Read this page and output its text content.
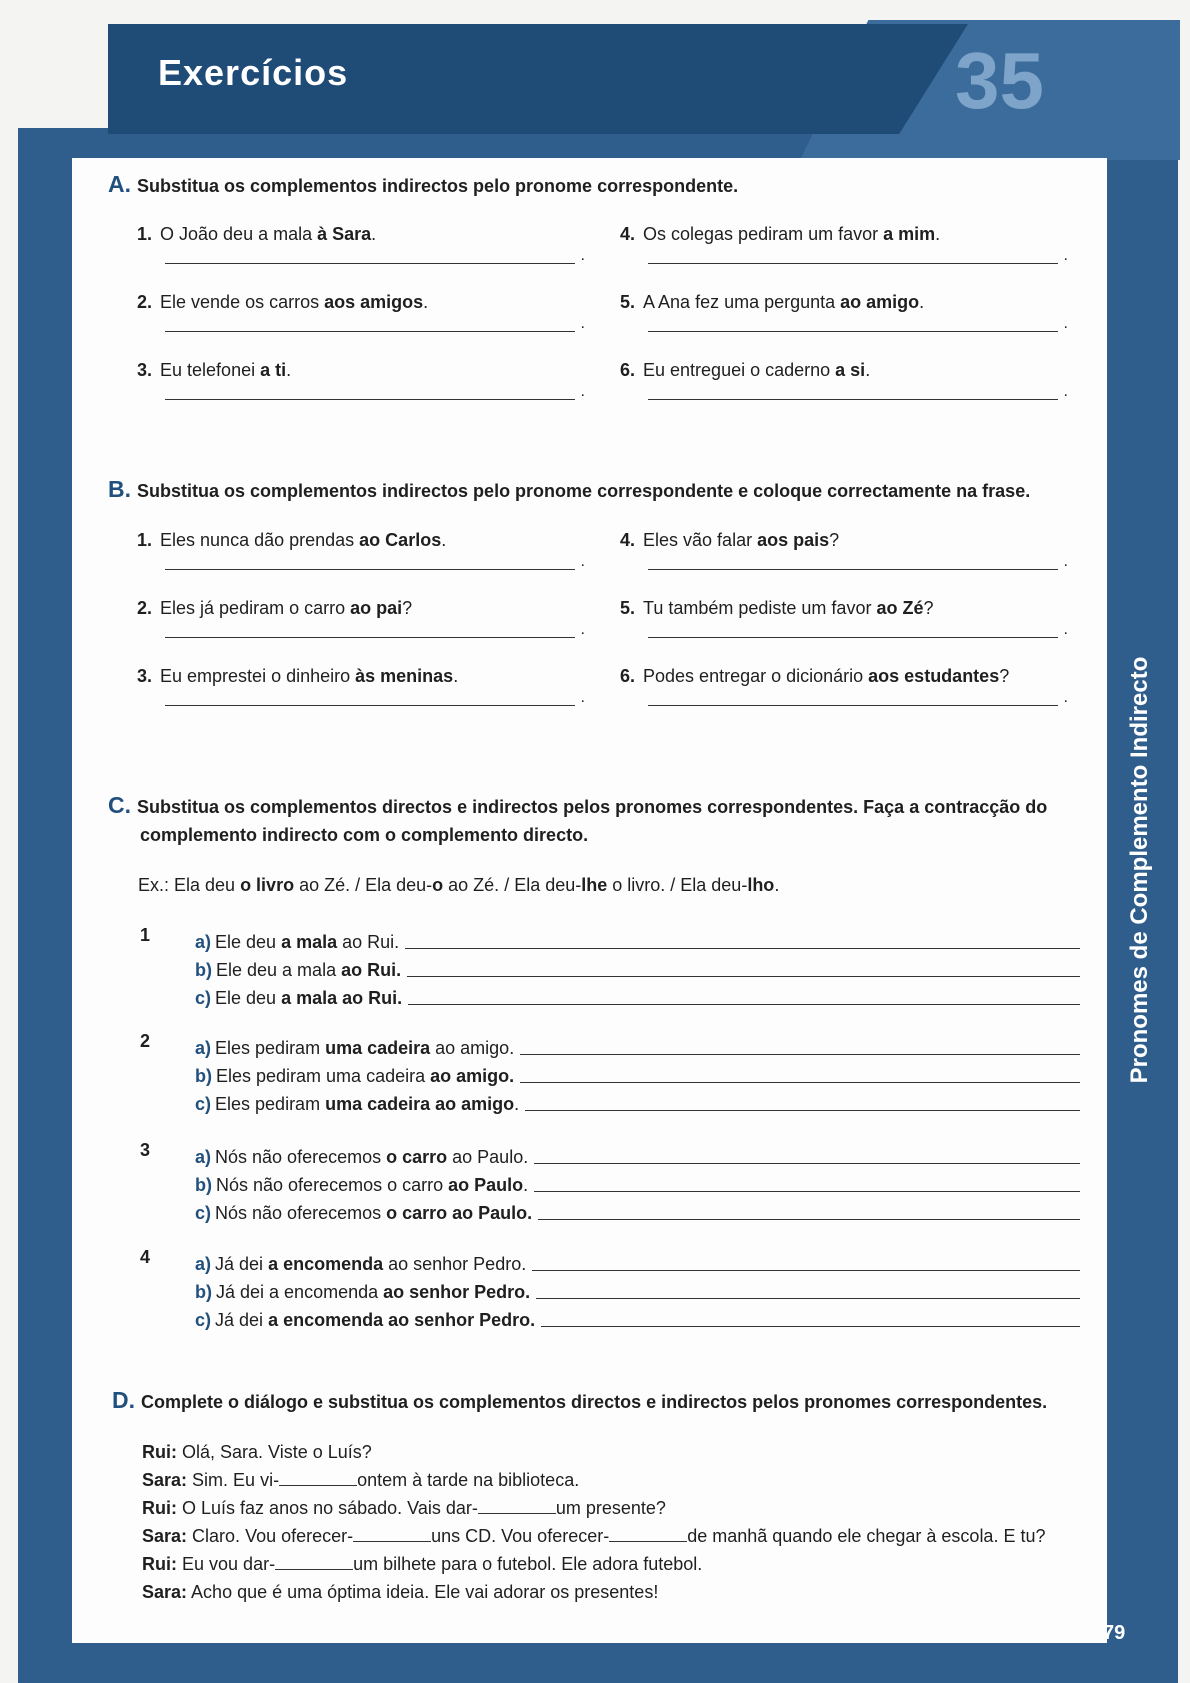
Exercícios	35
Pronomes de Complemento Indirecto
79
A. Substitua os complementos indirectos pelo pronome correspondente.
1. O João deu a mala à Sara.
.
2. Ele vende os carros aos amigos.
.
3. Eu telefonei a ti.
.
4. Os colegas pediram um favor a mim.
.
5. A Ana fez uma pergunta ao amigo.
.
6. Eu entreguei o caderno a si.
.
B. Substitua os complementos indirectos pelo pronome correspondente e coloque correctamente na frase.
1. Eles nunca dão prendas ao Carlos.
.
2. Eles já pediram o carro ao pai?
.
3. Eu emprestei o dinheiro às meninas.
.
4. Eles vão falar aos pais?
.
5. Tu também pediste um favor ao Zé?
.
6. Podes entregar o dicionário aos estudantes?
.
C. Substitua os complementos directos e indirectos pelos pronomes correspondentes. Faça a contracção do complemento indirecto com o complemento directo.
Ex.: Ela deu o livro ao Zé. / Ela deu-o ao Zé. / Ela deu-lhe o livro. / Ela deu-lho.
1 a) Ele deu a mala ao Rui.
b) Ele deu a mala ao Rui.
c) Ele deu a mala ao Rui.
2 a) Eles pediram uma cadeira ao amigo.
b) Eles pediram uma cadeira ao amigo.
c) Eles pediram uma cadeira ao amigo.
3 a) Nós não oferecemos o carro ao Paulo.
b) Nós não oferecemos o carro ao Paulo.
c) Nós não oferecemos o carro ao Paulo.
4 a) Já dei a encomenda ao senhor Pedro.
b) Já dei a encomenda ao senhor Pedro.
c) Já dei a encomenda ao senhor Pedro.
D. Complete o diálogo e substitua os complementos directos e indirectos pelos pronomes correspondentes.
Rui: Olá, Sara. Viste o Luís?
Sara: Sim. Eu vi-	ontem à tarde na biblioteca.
Rui: O Luís faz anos no sábado. Vais dar-	um presente?
Sara: Claro. Vou oferecer-	uns CD. Vou oferecer-	de manhã quando ele chegar à escola. E tu?
Rui: Eu vou dar-	um bilhete para o futebol. Ele adora futebol.
Sara: Acho que é uma óptima ideia. Ele vai adorar os presentes!
